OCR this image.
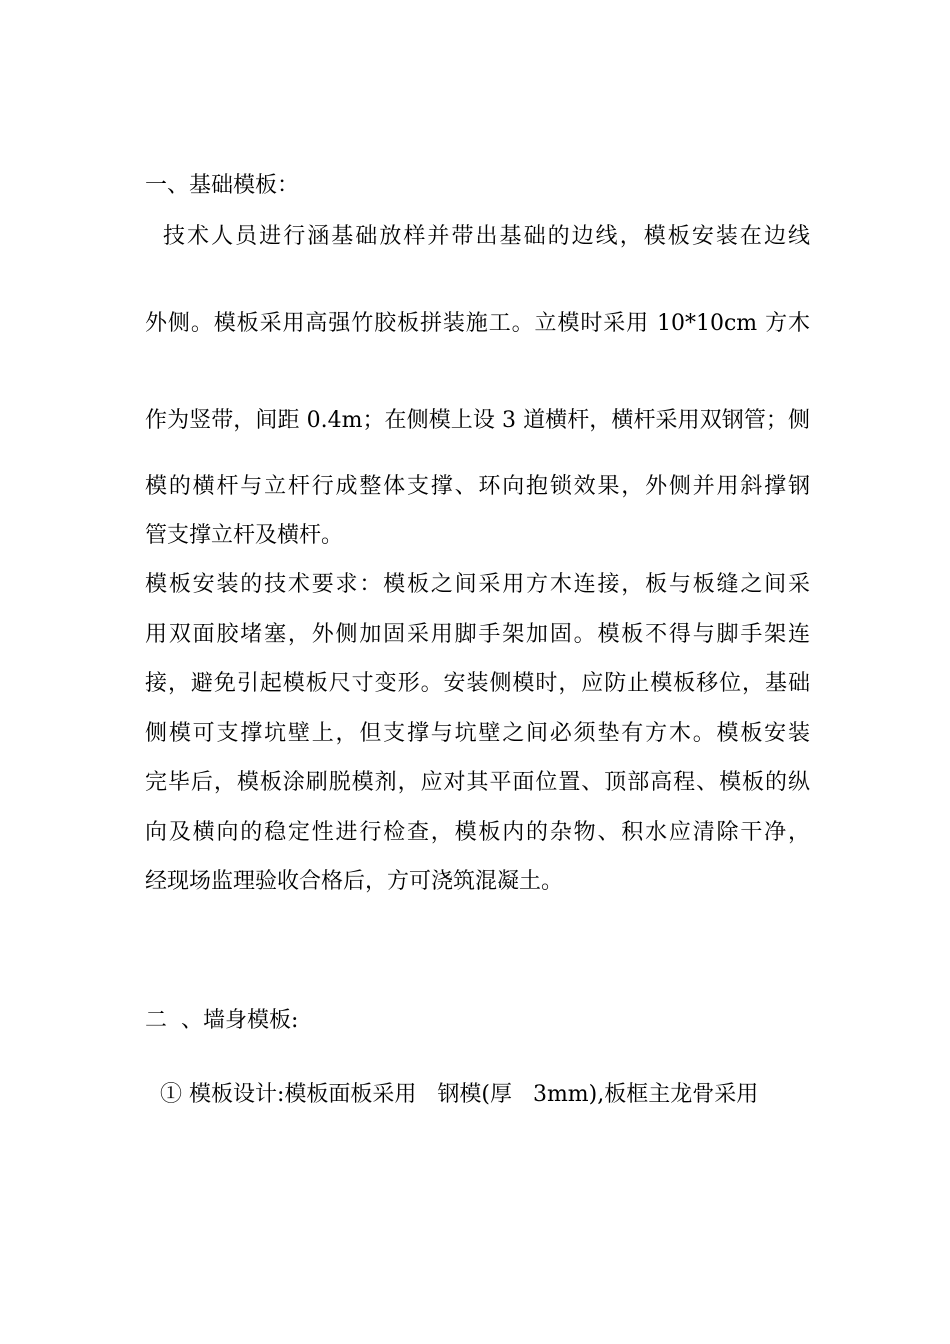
一、基础模板：
技术人员进行涵基础放样并带出基础的边线，模板安装在边线
外侧。模板采用高强竹胶板拼装施工。立模时采用 10*10cm 方木
作为竖带，间距 0.4m；在侧模上设 3 道横杆，横杆采用双钢管；侧
模的横杆与立杆行成整体支撑、环向抱锁效果，外侧并用斜撑钢
管支撑立杆及横杆。
模板安装的技术要求：模板之间采用方木连接，板与板缝之间采
用双面胶堵塞，外侧加固采用脚手架加固。模板不得与脚手架连
接，避免引起模板尺寸变形。安装侧模时，应防止模板移位，基础
侧模可支撑坑壁上，但支撑与坑壁之间必须垫有方木。模板安装
完毕后，模板涂刷脱模剂，应对其平面位置、顶部高程、模板的纵
向及横向的稳定性进行检查，模板内的杂物、积水应清除干净，
经现场监理验收合格后，方可浇筑混凝土。
二  、墙身模板:
① 模板设计:模板面板采用   钢模(厚   3mm),板框主龙骨采用
